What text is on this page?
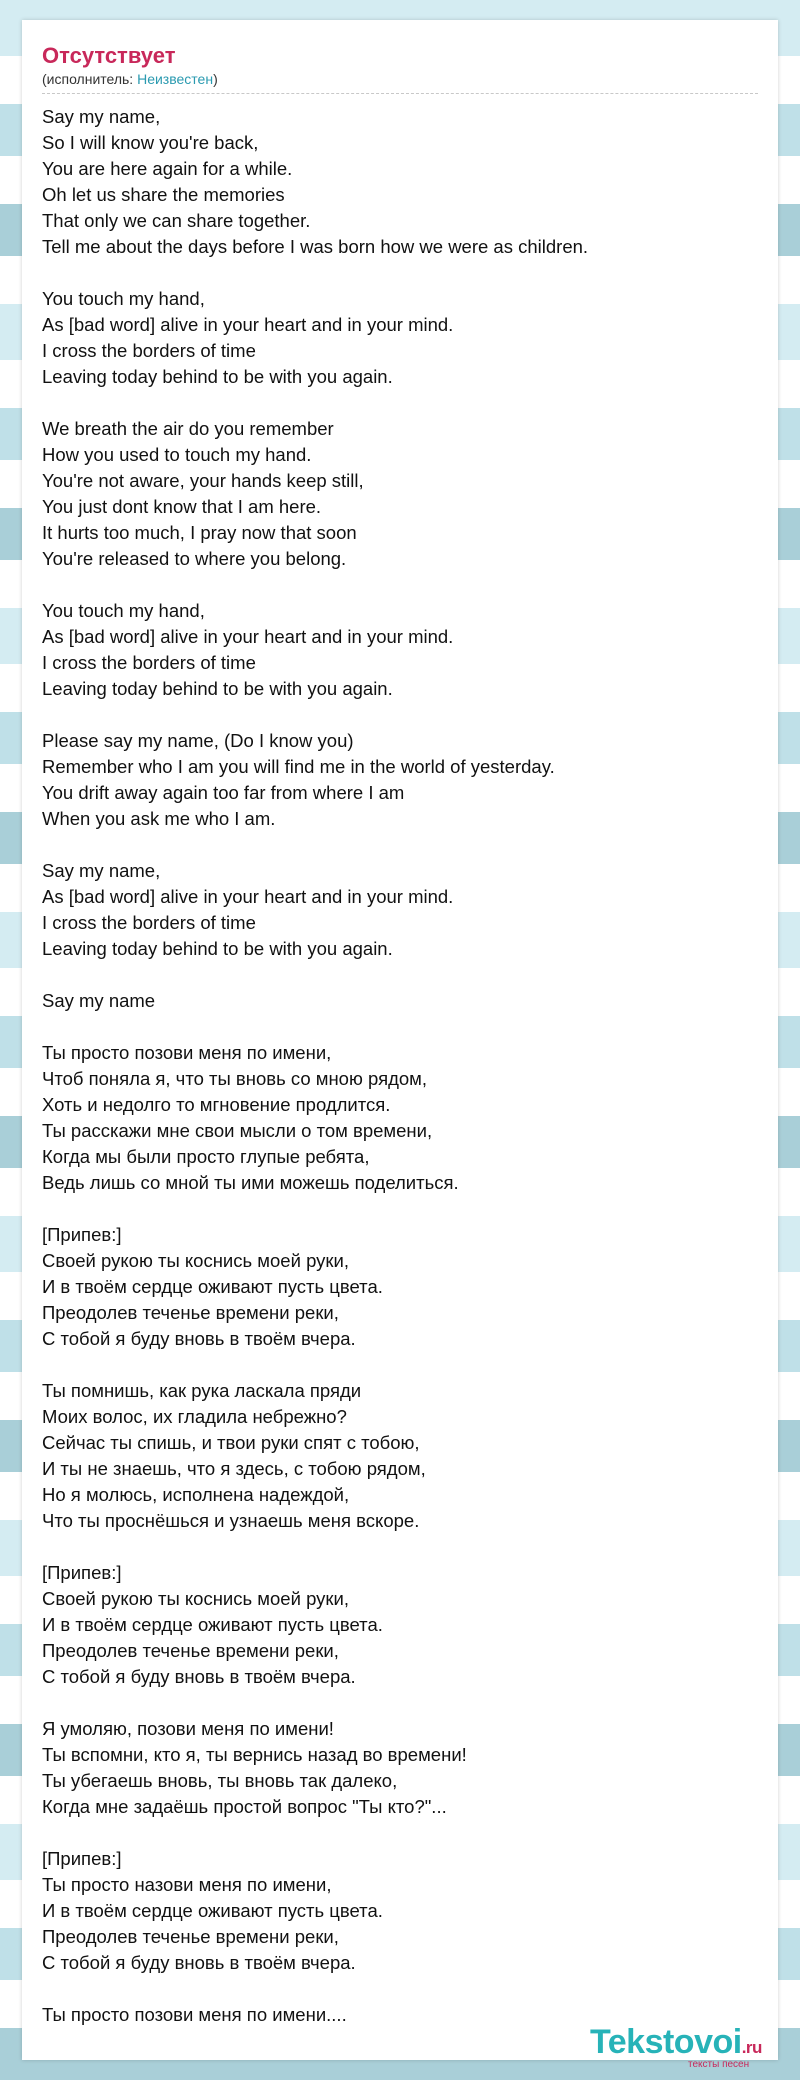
Отсутствует
(исполнитель: Неизвестен)
Say my name,
So I will know you're back,
You are here again for a while.
Oh let us share the memories
That only we can share together.
Tell me about the days before I was born how we were as children.
You touch my hand,
As [bad word] alive in your heart and in your mind.
I cross the borders of time
Leaving today behind to be with you again.
We breath the air do you remember
How you used to touch my hand.
You're not aware, your hands keep still,
You just dont know that I am here.
It hurts too much, I pray now that soon
You're released to where you belong.
You touch my hand,
As [bad word] alive in your heart and in your mind.
I cross the borders of time
Leaving today behind to be with you again.
Please say my name, (Do I know you)
Remember who I am you will find me in the world of yesterday.
You drift away again too far from where I am
When you ask me who I am.
Say my name,
As [bad word] alive in your heart and in your mind.
I cross the borders of time
Leaving today behind to be with you again.
Say my name
Ты просто позови меня по имени,
Чтоб поняла я, что ты вновь со мною рядом,
Хоть и недолго то мгновение продлится.
Ты расскажи мне свои мысли о том времени,
Когда мы были просто глупые ребята,
Ведь лишь со мной ты ими можешь поделиться.
[Припев:]
Своей рукою ты коснись моей руки,
И в твоём сердце оживают пусть цвета.
Преодолев теченье времени реки,
С тобой я буду вновь в твоём вчера.
Ты помнишь, как рука ласкала пряди
Моих волос, их гладила небрежно?
Сейчас ты спишь, и твои руки спят с тобою,
И ты не знаешь, что я здесь, с тобою рядом,
Но я молюсь, исполнена надеждой,
Что ты проснёшься и узнаешь меня вскоре.
[Припев:]
Своей рукою ты коснись моей руки,
И в твоём сердце оживают пусть цвета.
Преодолев теченье времени реки,
С тобой я буду вновь в твоём вчера.
Я умоляю, позови меня по имени!
Ты вспомни, кто я, ты вернись назад во времени!
Ты убегаешь вновь, ты вновь так далеко,
Когда мне задаёшь простой вопрос "Ты кто?"...
[Припев:]
Ты просто назови меня по имени,
И в твоём сердце оживают пусть цвета.
Преодолев теченье времени реки,
С тобой я буду вновь в твоём вчера.
Ты просто позови меня по имени....
Tekstovoi.ru
тексты песен
